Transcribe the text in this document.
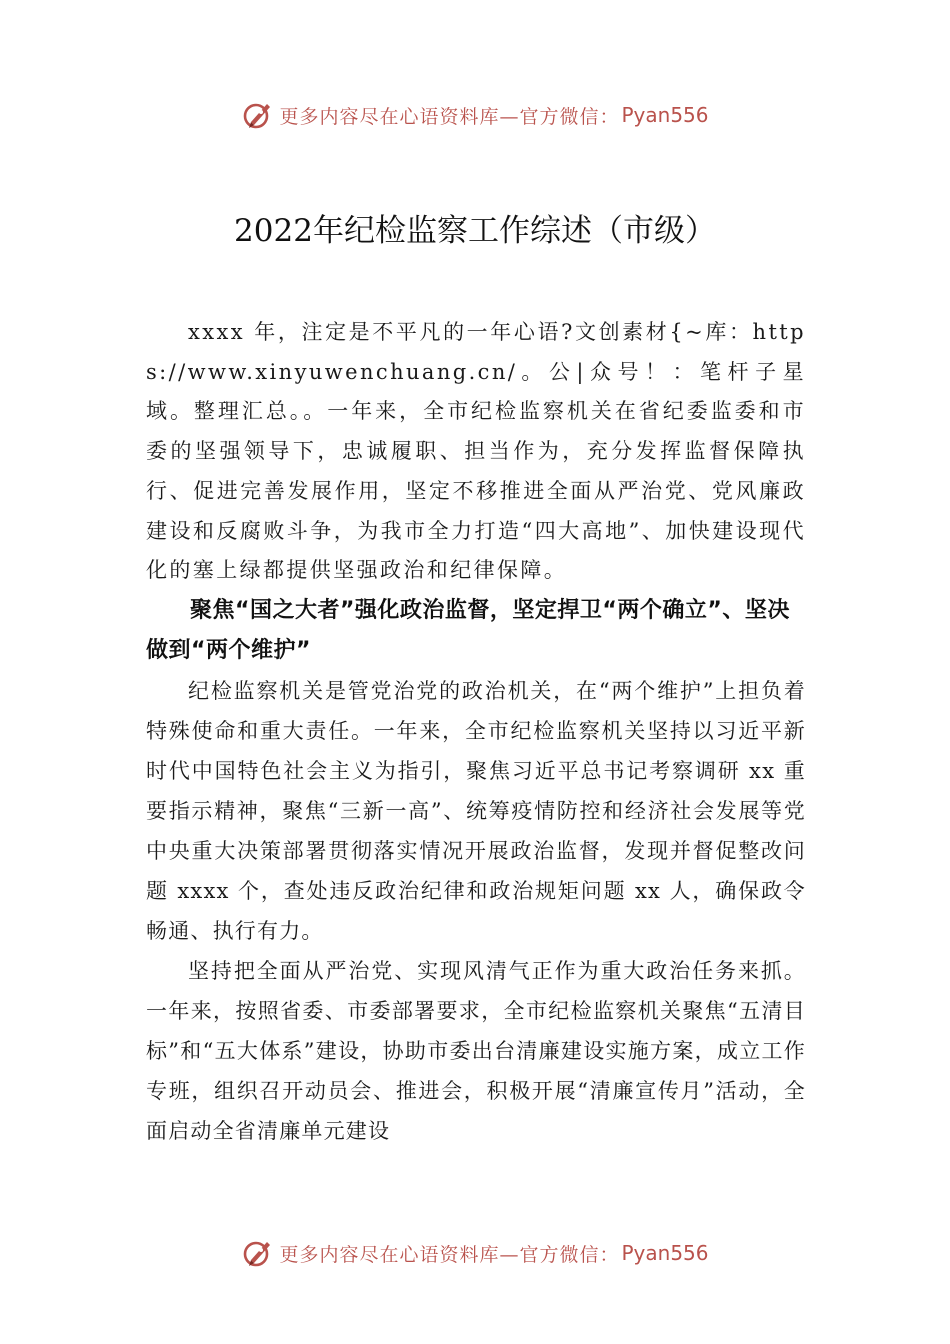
更多内容尽在心语资料库—官方微信： Pyan556
2022年纪检监察工作综述（市级）

xxxx 年，注定是不平凡的一年心语?文创素材{~库：https://www.xinyuwenchuang.cn/。公|众号！：笔杆子星域。整理汇总。。一年来，全市纪检监察机关在省纪委监委和市委的坚强领导下，忠诚履职、担当作为，充分发挥监督保障执行、促进完善发展作用，坚定不移推进全面从严治党、党风廉政建设和反腐败斗争，为我市全力打造“四大高地”、加快建设现代化的塞上绿都提供坚强政治和纪律保障。

聚焦“国之大者”强化政治监督，坚定捍卫“两个确立”、坚决做到“两个维护”

纪检监察机关是管党治党的政治机关，在“两个维护”上担负着特殊使命和重大责任。一年来，全市纪检监察机关坚持以习近平新时代中国特色社会主义为指引，聚焦习近平总书记考察调研 xx 重要指示精神，聚焦“三新一高”、统筹疫情防控和经济社会发展等党中央重大决策部署贯彻落实情况开展政治监督，发现并督促整改问题 xxxx 个，查处违反政治纪律和政治规矩问题 xx 人，确保政令畅通、执行有力。

坚持把全面从严治党、实现风清气正作为重大政治任务来抓。一年来，按照省委、市委部署要求，全市纪检监察机关聚焦“五清目标”和“五大体系”建设，协助市委出台清廉建设实施方案，成立工作专班，组织召开动员会、推进会，积极开展“清廉宣传月”活动，全面启动全省清廉单元建设

更多内容尽在心语资料库—官方微信： Pyan556
